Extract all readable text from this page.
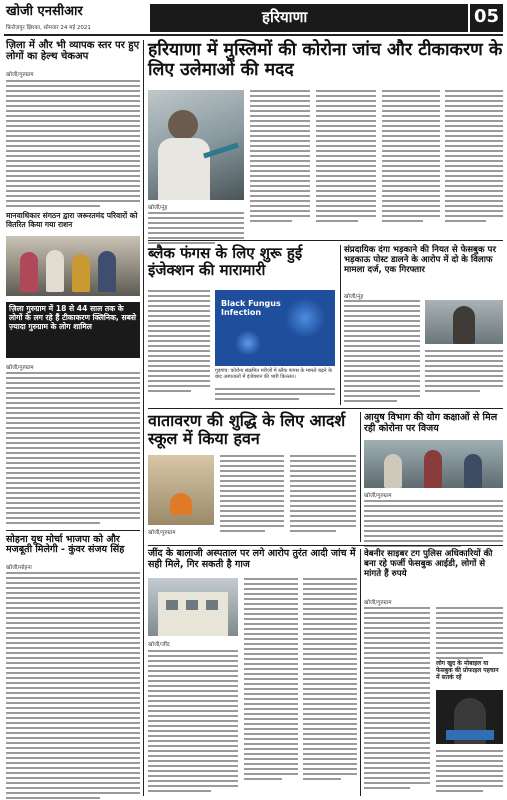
खोजी एनसीआर
फ़िरोज़पुर झिरका, सोमवार 24 मई 2021
हरियाणा	05
ज़िला में और भी व्यापक स्तर पर हुए लोगों का हेल्थ चेकअप
खोजी/गुरुग्राम
मानवाधिकार संगठन द्वारा जरूरतमंद परिवारों को वितरित किया गया राशन
ज़िला गुरुग्राम में 18 से 44 साल तक के लोगों के लग रहे हैं टीकाकरण क्लिनिक, सबसे ज़्यादा गुरुग्राम के लोग शामिल
खोजी/गुरुग्राम
सोहना यूथ मोर्चा भाजपा को और मजबूती मिलेगी - कुंवर संजय सिंह
खोजी/सोहना
हरियाणा में मुस्लिमों की कोरोना जांच और टीकाकरण के लिए उलेमाओं की मदद
खोजी/नूंह
ब्लैक फंगस के लिए शुरू हुई इंजेक्शन की मारामारी
Black Fungus Infection
गुड़गांव: कोरोना संक्रमित मरीजों में ब्लैक फंगस के मामले बढ़ने के बाद अस्पतालों में इंजेक्शन की भारी किल्लत।
संप्रदायिक दंगा भड़काने की नियत से फेसबुक पर भड़काऊ पोस्ट डालने के आरोप में दो के विलाफ मामला दर्ज, एक गिरफ्तार
खोजी/नूंह
वातावरण की शुद्धि के लिए आदर्श स्कूल में किया हवन
खोजी/गुरुग्राम
आयुष विभाग की योग कक्षाओं से मिल रही कोरोना पर विजय
खोजी/गुरुग्राम
जींद के बालाजी अस्पताल पर लगे आरोप तुरंत आदी जांच में सही मिले, गिर सकती है गाज
खोजी/जींद
वेबनीर साइबर टग पुलिस अधिकारियों की बना रहे फर्जी फेसबुक आईडी, लोगों से मांगते हैं रुपये
खोजी/गुरुग्राम
लोग खुद के मोबाइल या फेसबुक की प्रोफाइल पहचान में सतर्क रहें
